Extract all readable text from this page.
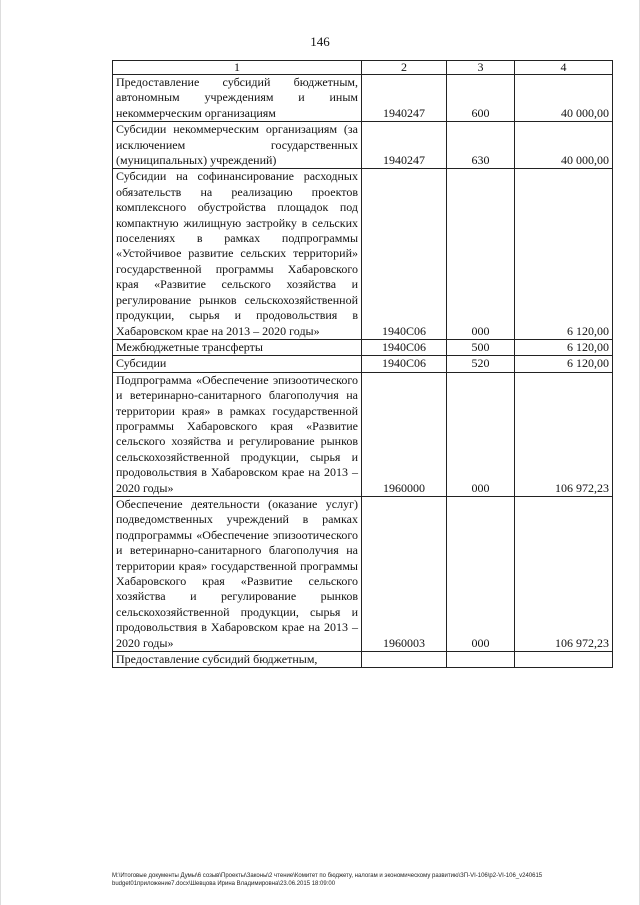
146
1	2	3	4
Предоставление субсидий бюджетным, автономным учреждениям и иным некоммерческим организациям	1940247	600	40 000,00
Субсидии некоммерческим организациям (за исключением государственных (муниципальных) учреждений)	1940247	630	40 000,00
Субсидии на софинансирование расходных обязательств на реализацию проектов комплексного обустройства площадок под компактную жилищную застройку в сельских поселениях в рамках подпрограммы «Устойчивое развитие сельских территорий» государственной программы Хабаровского края «Развитие сельского хозяйства и регулирование рынков сельскохозяйственной продукции, сырья и продовольствия в Хабаровском крае на 2013 – 2020 годы»	1940С06	000	6 120,00
Межбюджетные трансферты	1940С06	500	6 120,00
Субсидии	1940С06	520	6 120,00
Подпрограмма «Обеспечение эпизоотического и ветеринарно-санитарного благополучия на территории края» в рамках государственной программы Хабаровского края «Развитие сельского хозяйства и регулирование рынков сельскохозяйственной продукции, сырья и продовольствия в Хабаровском крае на 2013 – 2020 годы»	1960000	000	106 972,23
Обеспечение деятельности (оказание услуг) подведомственных учреждений в рамках подпрограммы «Обеспечение эпизоотического и ветеринарно-санитарного благополучия на территории края» государственной программы Хабаровского края «Развитие сельского хозяйства и регулирование рынков сельскохозяйственной продукции, сырья и продовольствия в Хабаровском крае на 2013 – 2020 годы»	1960003	000	106 972,23
Предоставление субсидий бюджетным,			
M:\Итоговые документы Думы\6 созыв\Проекты\Законы\2 чтение\Комитет по бюджету, налогам и экономическому развитию\ЗП-VI-106\р2-VI-106_v240615 budget01приложение7.docx\Шевцова Ирина Владимировна\23.06.2015 18:09:00
